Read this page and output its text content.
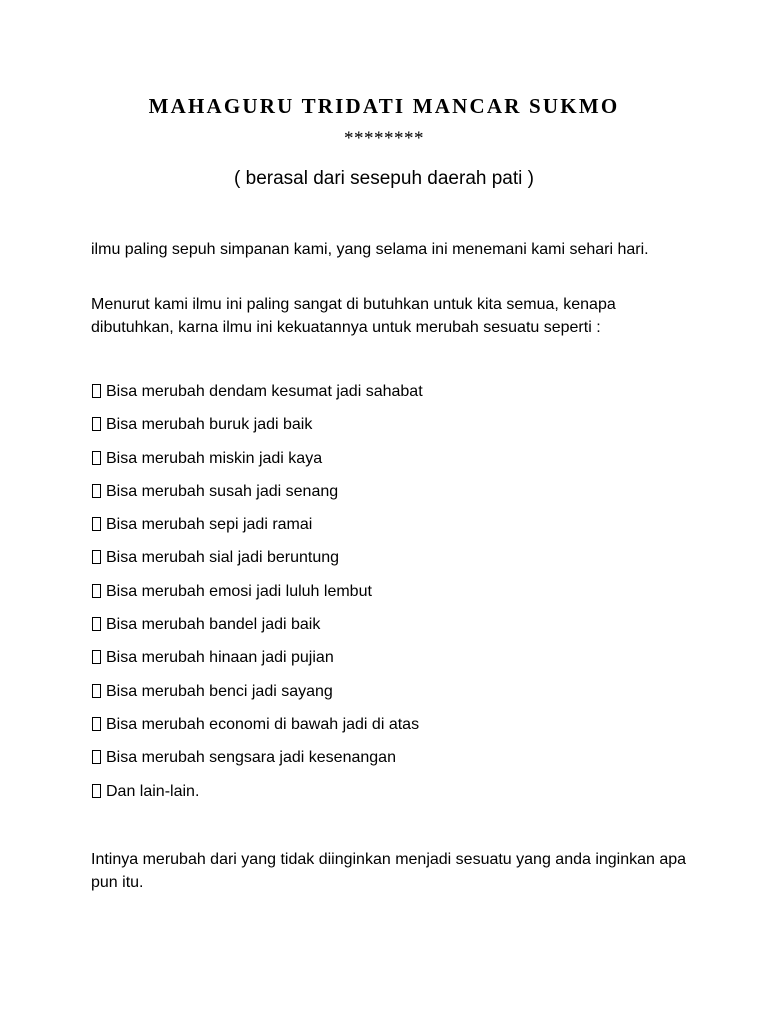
MAHAGURU TRIDATI MANCAR SUKMO
********
( berasal dari sesepuh daerah pati )

ilmu paling sepuh simpanan kami, yang selama ini menemani kami sehari hari.

Menurut kami ilmu ini paling sangat di butuhkan untuk kita semua, kenapa dibutuhkan, karna ilmu ini kekuatannya untuk merubah sesuatu seperti :

Bisa merubah dendam kesumat jadi sahabat
Bisa merubah buruk jadi baik
Bisa merubah miskin jadi kaya
Bisa merubah susah jadi senang
Bisa merubah sepi jadi ramai
Bisa merubah sial jadi beruntung
Bisa merubah emosi jadi luluh lembut
Bisa merubah bandel jadi baik
Bisa merubah hinaan jadi pujian
Bisa merubah benci jadi sayang
Bisa merubah economi di bawah jadi di atas
Bisa merubah sengsara jadi kesenangan
Dan lain-lain.

Intinya merubah dari yang tidak diinginkan menjadi sesuatu yang anda inginkan apa pun itu.
